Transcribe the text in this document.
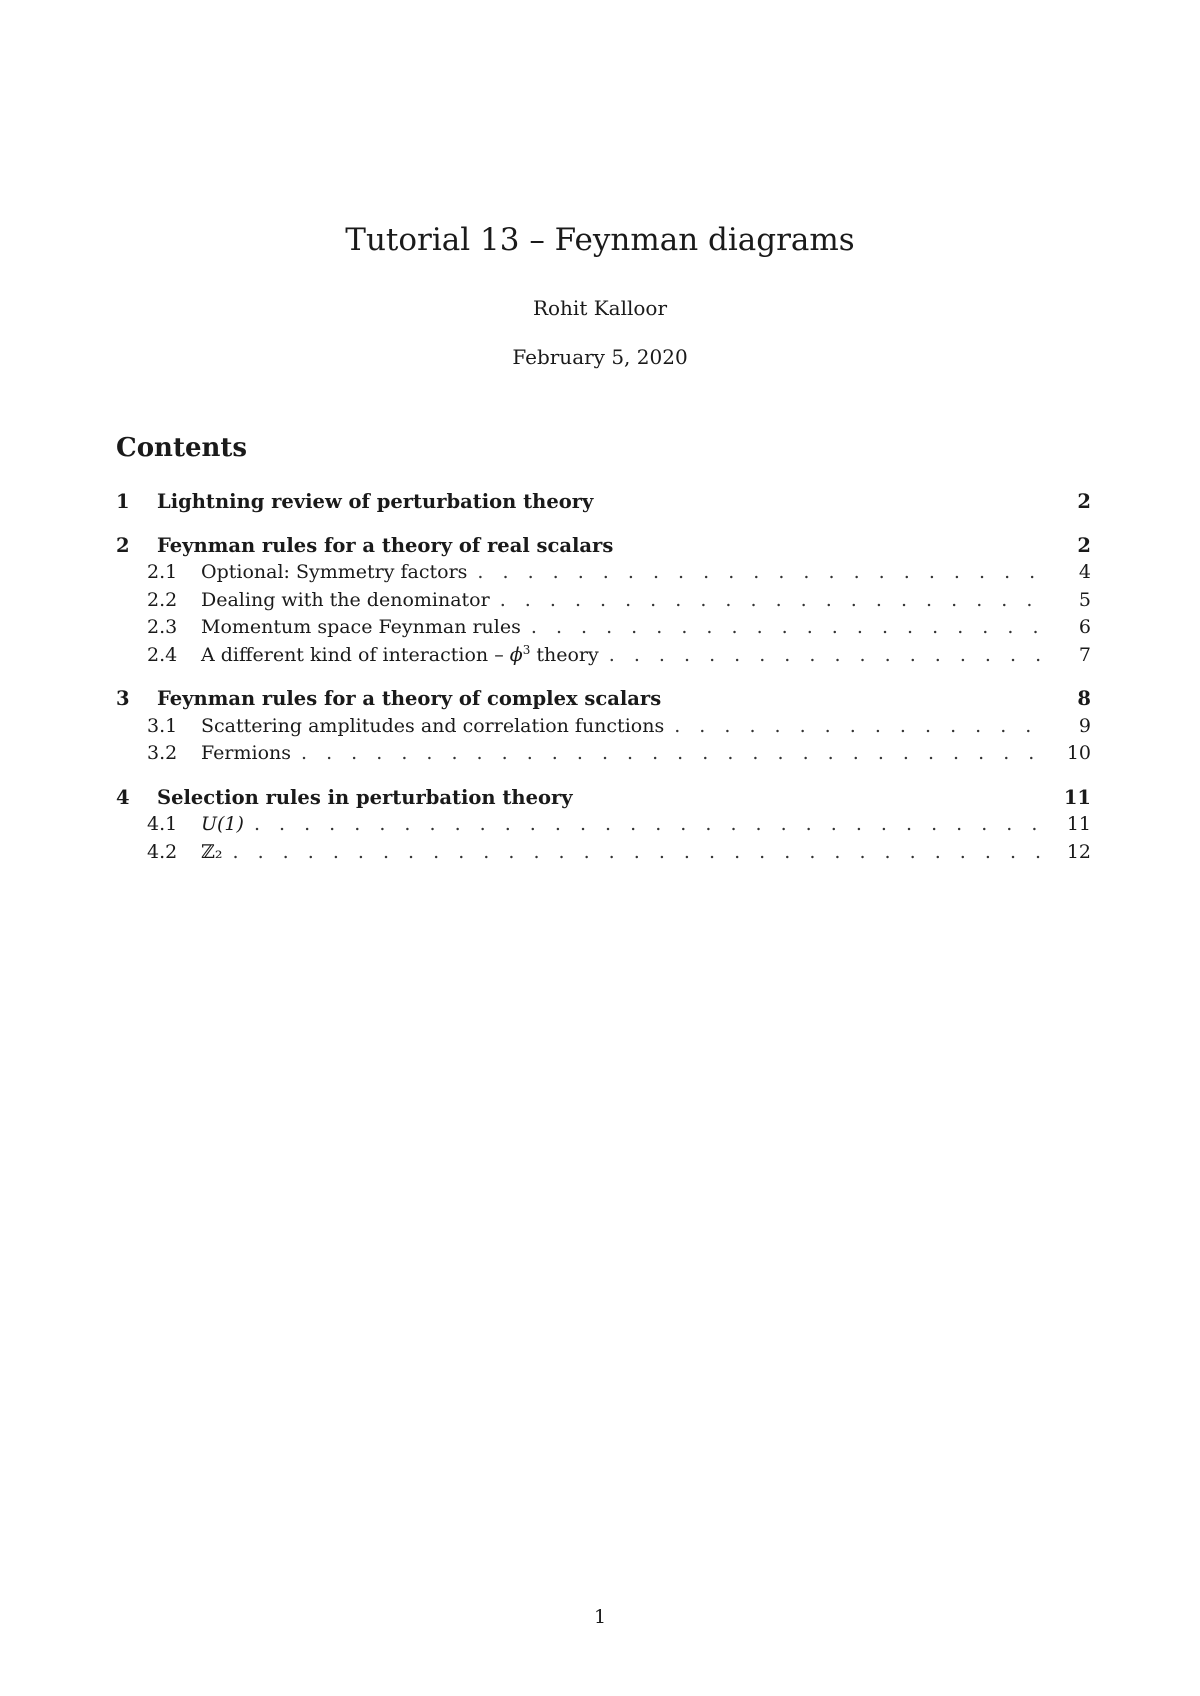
Tutorial 13 – Feynman diagrams
Rohit Kalloor
February 5, 2020
Contents
1	Lightning review of perturbation theory	2
2	Feynman rules for a theory of real scalars	2
2.1	Optional: Symmetry factors . . .	4
2.2	Dealing with the denominator . . .	5
2.3	Momentum space Feynman rules . . .	6
2.4	A different kind of interaction – $\phi^3$ theory . . .	7
3	Feynman rules for a theory of complex scalars	8
3.1	Scattering amplitudes and correlation functions . . .	9
3.2	Fermions . . .	10
4	Selection rules in perturbation theory	11
4.1	U(1) . . .	11
4.2	ℤ₂ . . .	12
1
